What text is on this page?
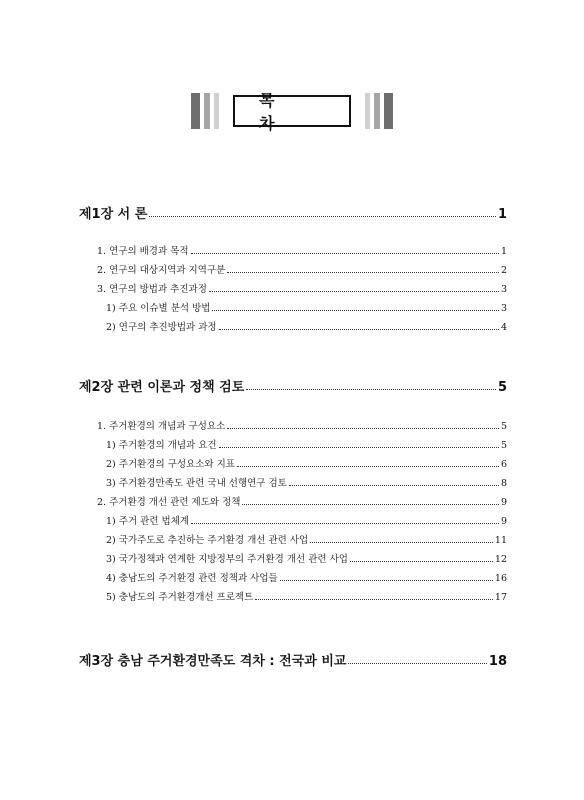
목 차
제1장 서 론	1
1. 연구의 배경과 목적	1
2. 연구의 대상지역과 지역구분	2
3. 연구의 방법과 추진과정	3
1) 주요 이슈별 분석 방법	3
2) 연구의 추진방법과 과정	4
제2장 관련 이론과 정책 검토	5
1. 주거환경의 개념과 구성요소	5
1) 주거환경의 개념과 요건	5
2) 주거환경의 구성요소와 지표	6
3) 주거환경만족도 관련 국내 선행연구 검토	8
2. 주거환경 개선 관련 제도와 정책	9
1) 주거 관련 법체계	9
2) 국가주도로 추진하는 주거환경 개선 관련 사업	11
3) 국가정책과 연계한 지방정부의 주거환경 개선 관련 사업	12
4) 충남도의 주거환경 관련 정책과 사업들	16
5) 충남도의 주거환경개선 프로젝트	17
제3장 충남 주거환경만족도 격차 : 전국과 비교	18
